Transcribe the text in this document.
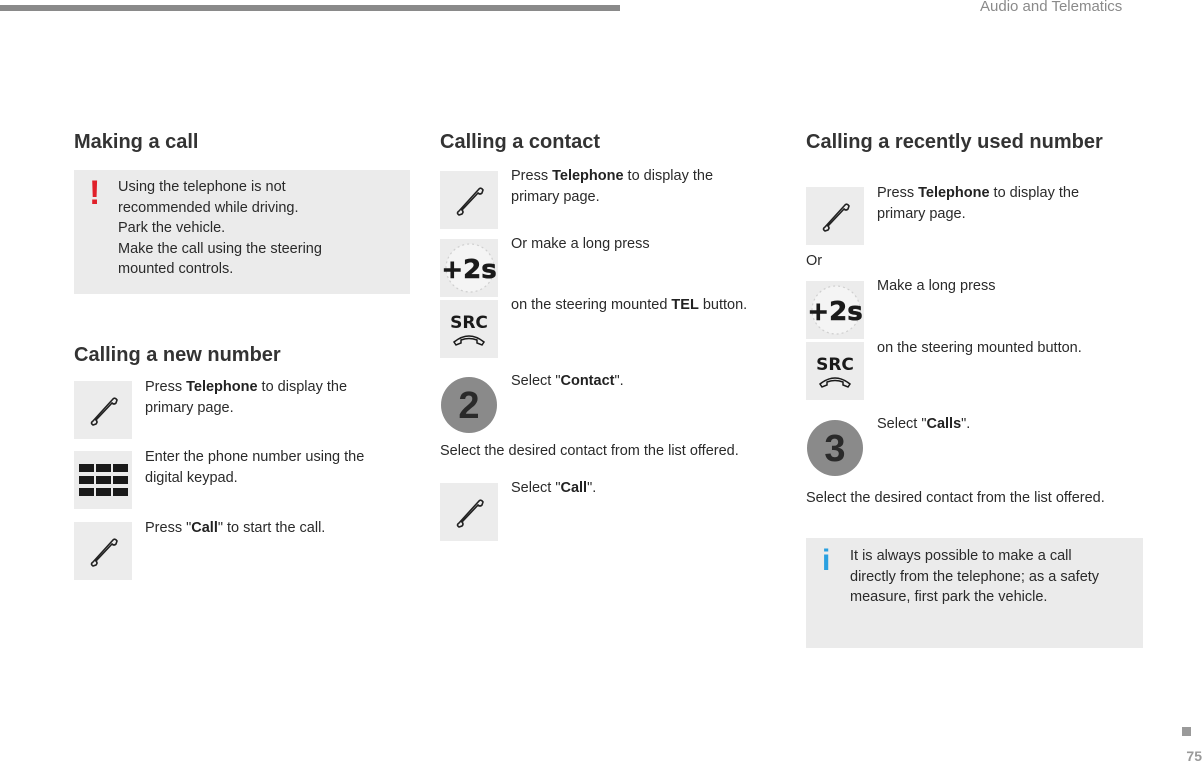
Audio and Telematics
75
Making a call
! Using the telephone is not
recommended while driving.
Park the vehicle.
Make the call using the steering
mounted controls.
Calling a new number
Press Telephone to display the
primary page.
Enter the phone number using the
digital keypad.
Press "Call" to start the call.
Calling a contact
Press Telephone to display the
primary page.
+2s
Or make a long press
SRC
on the steering mounted TEL button.
2
Select "Contact".
Select the desired contact from the list offered.
Select "Call".
Calling a recently used number
Press Telephone to display the
primary page.
Or
+2s
Make a long press
SRC
on the steering mounted button.
3
Select "Calls".
Select the desired contact from the list offered.
i It is always possible to make a call
directly from the telephone; as a safety
measure, first park the vehicle.
